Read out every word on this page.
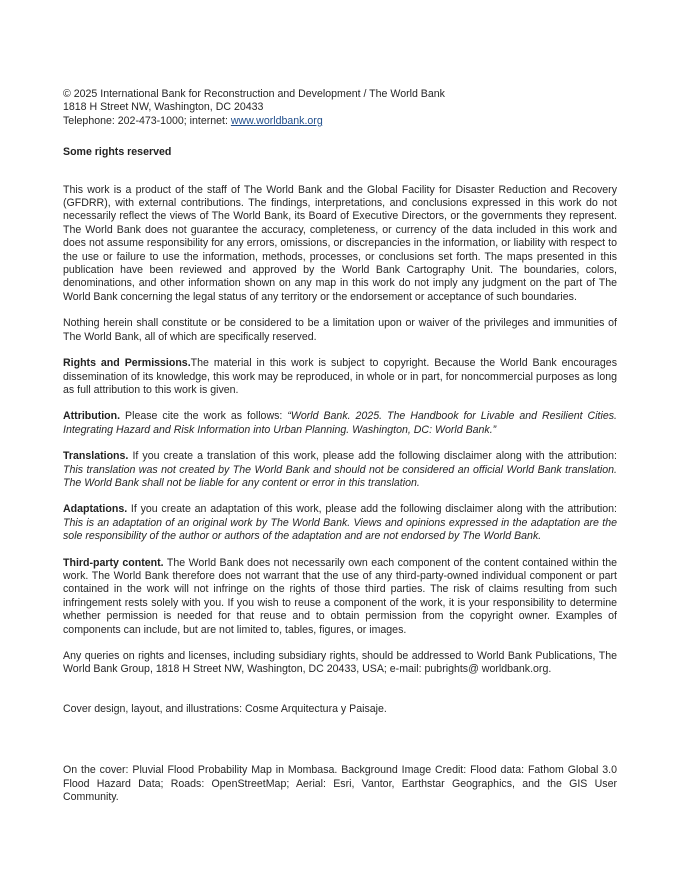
© 2025 International Bank for Reconstruction and Development / The World Bank
1818 H Street NW, Washington, DC 20433
Telephone: 202-473-1000; internet: www.worldbank.org

Some rights reserved

This work is a product of the staff of The World Bank and the Global Facility for Disaster Reduction and Recovery (GFDRR), with external contributions. The findings, interpretations, and conclusions expressed in this work do not necessarily reflect the views of The World Bank, its Board of Executive Directors, or the governments they represent. The World Bank does not guarantee the accuracy, completeness, or currency of the data included in this work and does not assume responsibility for any errors, omissions, or discrepancies in the information, or liability with respect to the use or failure to use the information, methods, processes, or conclusions set forth. The maps presented in this publication have been reviewed and approved by the World Bank Cartography Unit. The boundaries, colors, denominations, and other information shown on any map in this work do not imply any judgment on the part of The World Bank concerning the legal status of any territory or the endorsement or acceptance of such boundaries.

Nothing herein shall constitute or be considered to be a limitation upon or waiver of the privileges and immunities of The World Bank, all of which are specifically reserved.

Rights and Permissions.The material in this work is subject to copyright. Because the World Bank encourages dissemination of its knowledge, this work may be reproduced, in whole or in part, for noncommercial purposes as long as full attribution to this work is given.

Attribution. Please cite the work as follows: “World Bank. 2025. The Handbook for Livable and Resilient Cities. Integrating Hazard and Risk Information into Urban Planning. Washington, DC: World Bank.”

Translations. If you create a translation of this work, please add the following disclaimer along with the attribution: This translation was not created by The World Bank and should not be considered an official World Bank translation. The World Bank shall not be liable for any content or error in this translation.

Adaptations. If you create an adaptation of this work, please add the following disclaimer along with the attribution: This is an adaptation of an original work by The World Bank. Views and opinions expressed in the adaptation are the sole responsibility of the author or authors of the adaptation and are not endorsed by The World Bank.

Third-party content. The World Bank does not necessarily own each component of the content contained within the work. The World Bank therefore does not warrant that the use of any third-party-owned individual component or part contained in the work will not infringe on the rights of those third parties. The risk of claims resulting from such infringement rests solely with you. If you wish to reuse a component of the work, it is your responsibility to determine whether permission is needed for that reuse and to obtain permission from the copyright owner. Examples of components can include, but are not limited to, tables, figures, or images.

Any queries on rights and licenses, including subsidiary rights, should be addressed to World Bank Publications, The World Bank Group, 1818 H Street NW, Washington, DC 20433, USA; e-mail: pubrights@ worldbank.org.

Cover design, layout, and illustrations: Cosme Arquitectura y Paisaje.

On the cover: Pluvial Flood Probability Map in Mombasa. Background Image Credit: Flood data: Fathom Global 3.0 Flood Hazard Data; Roads: OpenStreetMap; Aerial: Esri, Vantor, Earthstar Geographics, and the GIS User Community.
